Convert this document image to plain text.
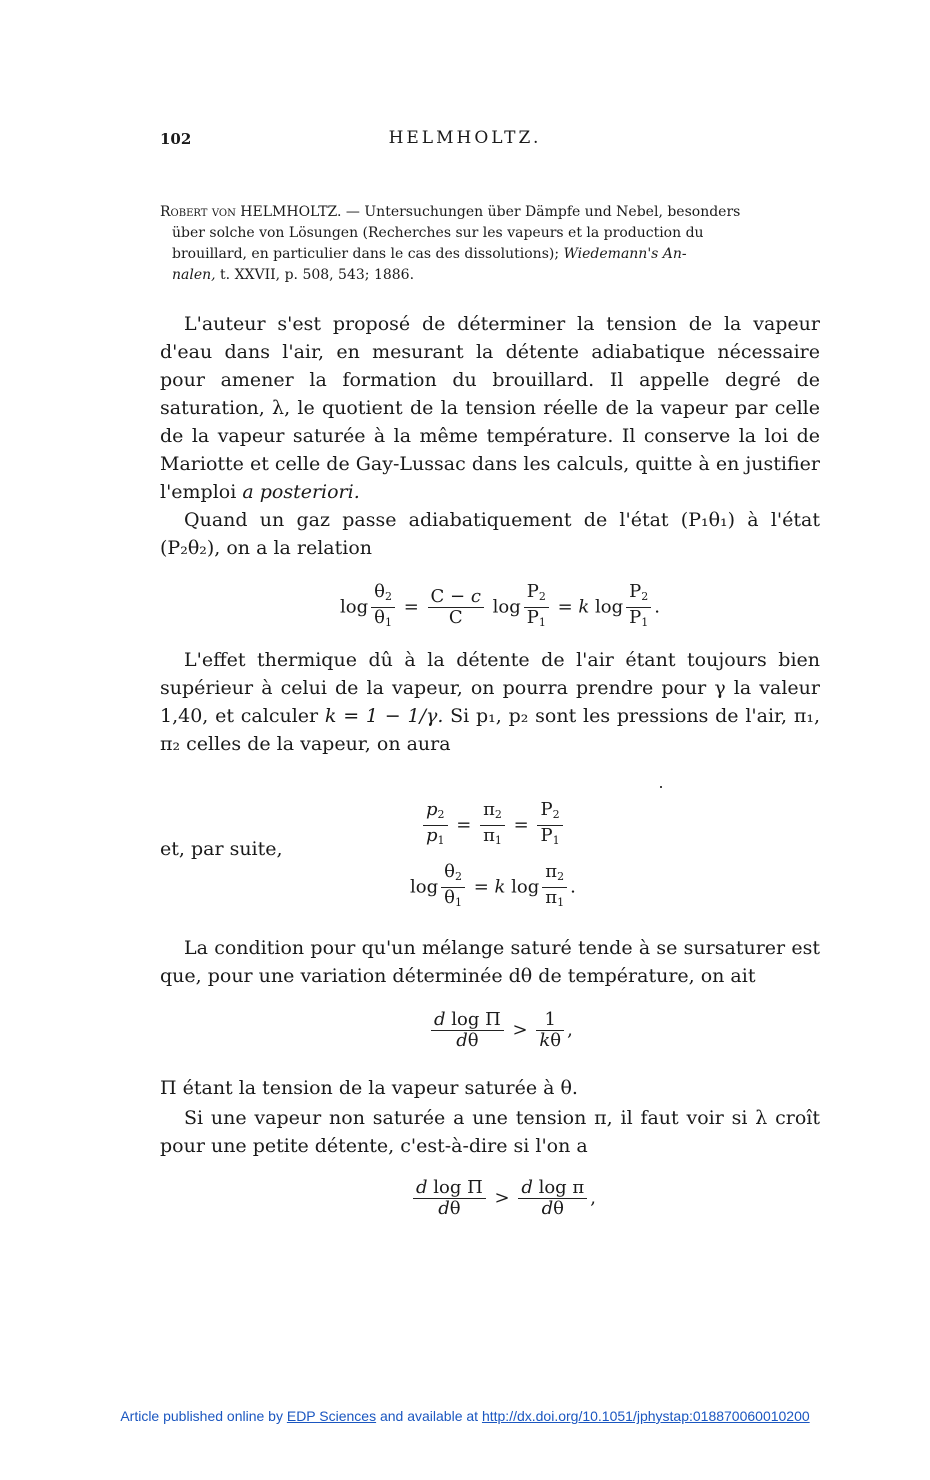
102	HELMHOLTZ.
Robert von HELMHOLTZ. — Untersuchungen über Dämpfe und Nebel, besonders
über solche von Lösungen (Recherches sur les vapeurs et la production du
brouillard, en particulier dans le cas des dissolutions); Wiedemann's An-
nalen, t. XXVII, p. 508, 543; 1886.
L'auteur s'est proposé de déterminer la tension de la vapeur d'eau dans l'air, en mesurant la détente adiabatique nécessaire pour amener la formation du brouillard. Il appelle degré de saturation, λ, le quotient de la tension réelle de la vapeur par celle de la vapeur saturée à la même température. Il conserve la loi de Mariotte et celle de Gay-Lussac dans les calculs, quitte à en justifier l'emploi a posteriori.
Quand un gaz passe adiabatiquement de l'état (P₁θ₁) à l'état (P₂θ₂), on a la relation
$\log \frac{\theta_2}{\theta_1} = \frac{C - c}{C}$ $\log \frac{P_2}{P_1} = k$ $\log \frac{P_2}{P_1}$ .
L'effet thermique dû à la détente de l'air étant toujours bien supérieur à celui de la vapeur, on pourra prendre pour γ la valeur 1,40, et calculer k = 1 − 1/γ. Si p₁, p₂ sont les pressions de l'air, π₁, π₂ celles de la vapeur, on aura
$\frac{p_2}{p_1} = \frac{\pi_2}{\pi_1} = \frac{P_2}{P_1}$
et, par suite,
$\log \frac{\theta_2}{\theta_1} = k$ $\log \frac{\pi_2}{\pi_1}$ .
La condition pour qu'un mélange saturé tende à se sursaturer est que, pour une variation déterminée dθ de température, on ait
$\frac{\text{d log Π}}{d\theta} > \frac{1}{k\theta}$ ,
Π étant la tension de la vapeur saturée à θ.
Si une vapeur non saturée a une tension π, il faut voir si λ croît pour une petite détente, c'est-à-dire si l'on a
$\frac{\text{d log Π}}{d\theta} > \frac{\text{d log π}}{d\theta}$ ,
Article published online by EDP Sciences and available at http://dx.doi.org/10.1051/jphystap:018870060010200
